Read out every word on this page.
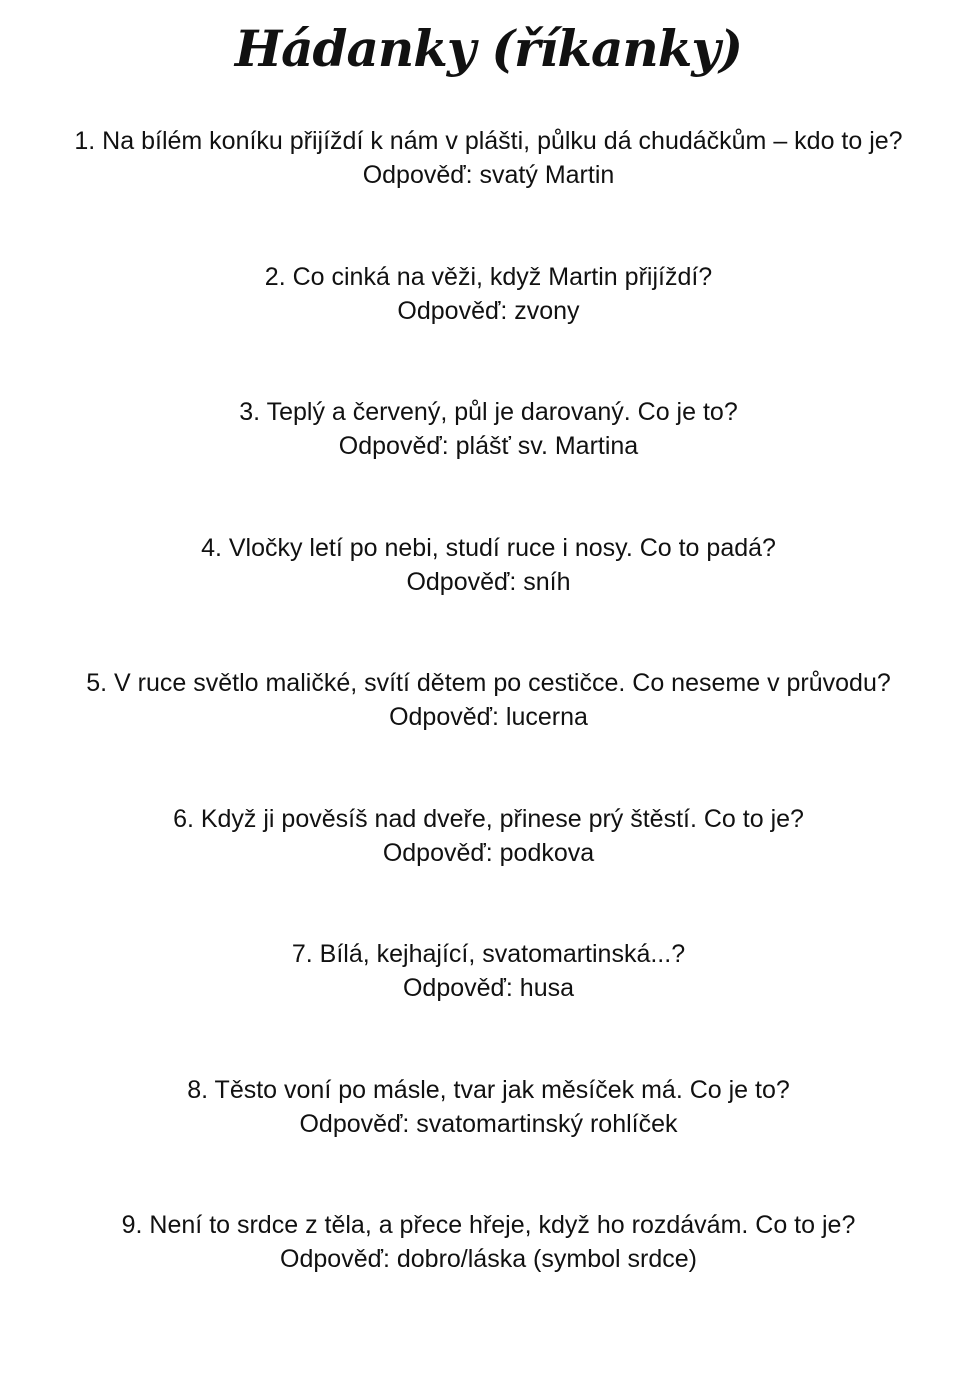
Hádanky (říkanky)
1. Na bílém koníku přijíždí k nám v plášti, půlku dá chudáčkům – kdo to je?
Odpověď: svatý Martin
2. Co cinká na věži, když Martin přijíždí?
Odpověď: zvony
3. Teplý a červený, půl je darovaný. Co je to?
Odpověď: plášť sv. Martina
4. Vločky letí po nebi, studí ruce i nosy. Co to padá?
Odpověď: sníh
5. V ruce světlo maličké, svítí dětem po cestičce. Co neseme v průvodu?
Odpověď: lucerna
6. Když ji pověsíš nad dveře, přinese prý štěstí. Co to je?
Odpověď: podkova
7. Bílá, kejhající, svatomartinská...?
Odpověď: husa
8. Těsto voní po másle, tvar jak měsíček má. Co je to?
Odpověď: svatomartinský rohlíček
9. Není to srdce z těla, a přece hřeje, když ho rozdávám. Co to je?
Odpověď: dobro/láska (symbol srdce)
